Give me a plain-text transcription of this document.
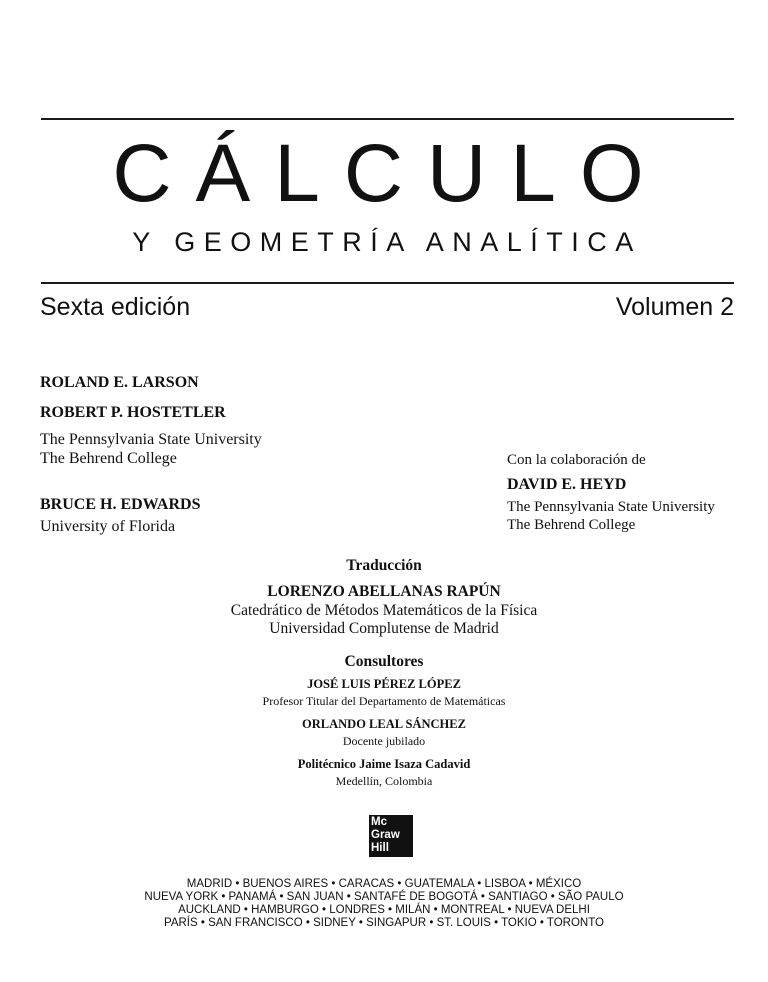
CÁLCULO
Y GEOMETRÍA ANALÍTICA
Sexta edición	Volumen 2
ROLAND E. LARSON
ROBERT P. HOSTETLER
The Pennsylvania State University
The Behrend College
BRUCE H. EDWARDS
University of Florida
Con la colaboración de
DAVID E. HEYD
The Pennsylvania State University
The Behrend College
Traducción
LORENZO ABELLANAS RAPÚN
Catedrático de Métodos Matemáticos de la Física
Universidad Complutense de Madrid
Consultores
JOSÉ LUIS PÉREZ LÓPEZ
Profesor Titular del Departamento de Matemáticas
ORLANDO LEAL SÁNCHEZ
Docente jubilado
Politécnico Jaime Isaza Cadavid
Medellín, Colombia
Mc
Graw
Hill
MADRID • BUENOS AIRES • CARACAS • GUATEMALA • LISBOA • MÉXICO
NUEVA YORK • PANAMÁ • SAN JUAN • SANTAFÉ DE BOGOTÁ • SANTIAGO • SÃO PAULO
AUCKLAND • HAMBURGO • LONDRES • MILÁN • MONTREAL • NUEVA DELHI
PARÍS • SAN FRANCISCO • SIDNEY • SINGAPUR • ST. LOUIS • TOKIO • TORONTO
